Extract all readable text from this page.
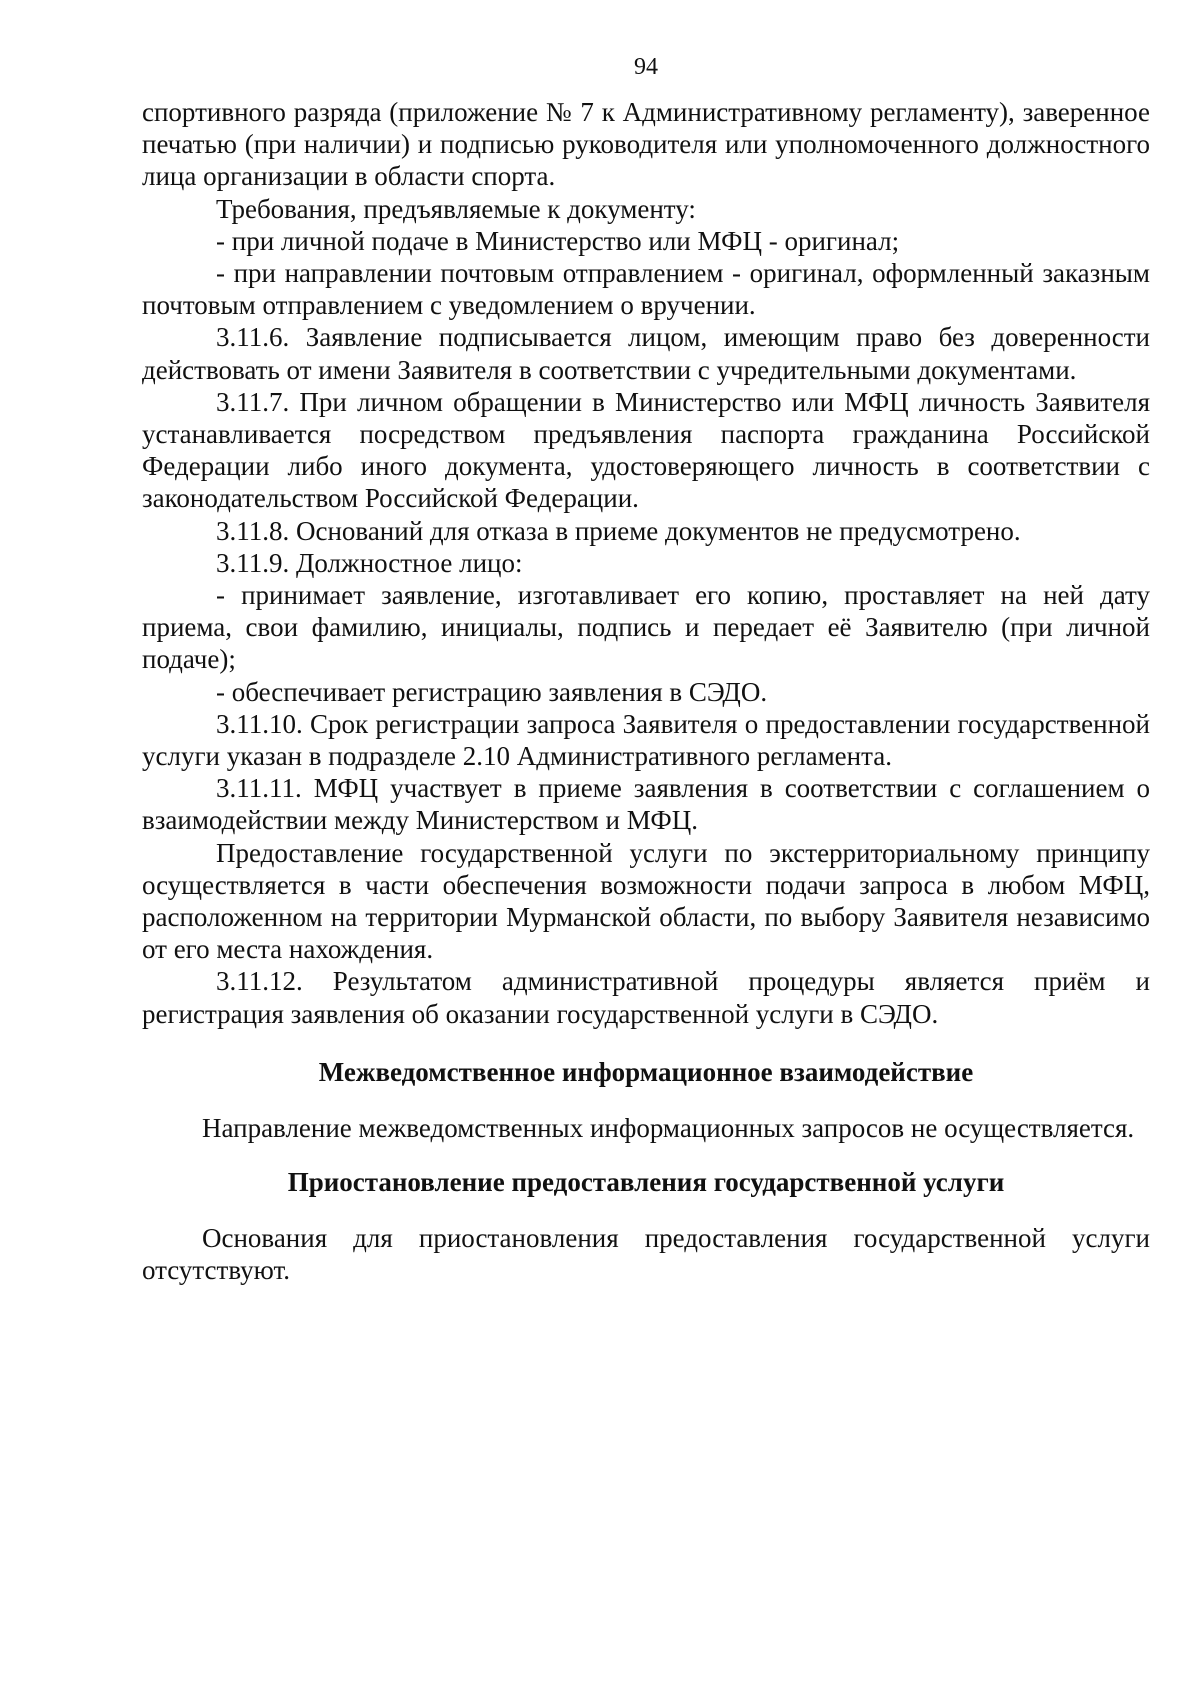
94

спортивного разряда (приложение № 7 к Административному регламенту), заверенное печатью (при наличии) и подписью руководителя или уполномоченного должностного лица организации в области спорта.

Требования, предъявляемые к документу:

- при личной подаче в Министерство или МФЦ - оригинал;

- при направлении почтовым отправлением - оригинал, оформленный заказным почтовым отправлением с уведомлением о вручении.

3.11.6. Заявление подписывается лицом, имеющим право без доверенности действовать от имени Заявителя в соответствии с учредительными документами.

3.11.7. При личном обращении в Министерство или МФЦ личность Заявителя устанавливается посредством предъявления паспорта гражданина Российской Федерации либо иного документа, удостоверяющего личность в соответствии с законодательством Российской Федерации.

3.11.8. Оснований для отказа в приеме документов не предусмотрено.

3.11.9. Должностное лицо:

- принимает заявление, изготавливает его копию, проставляет на ней дату приема, свои фамилию, инициалы, подпись и передает её Заявителю (при личной подаче);

- обеспечивает регистрацию заявления в СЭДО.

3.11.10. Срок регистрации запроса Заявителя о предоставлении государственной услуги указан в подразделе 2.10 Административного регламента.

3.11.11. МФЦ участвует в приеме заявления в соответствии с соглашением о взаимодействии между Министерством и МФЦ.

Предоставление государственной услуги по экстерриториальному принципу осуществляется в части обеспечения возможности подачи запроса в любом МФЦ, расположенном на территории Мурманской области, по выбору Заявителя независимо от его места нахождения.

3.11.12. Результатом административной процедуры является приём и регистрация заявления об оказании государственной услуги в СЭДО.

Межведомственное информационное взаимодействие

Направление межведомственных информационных запросов не осуществляется.

Приостановление предоставления государственной услуги

Основания для приостановления предоставления государственной услуги отсутствуют.
